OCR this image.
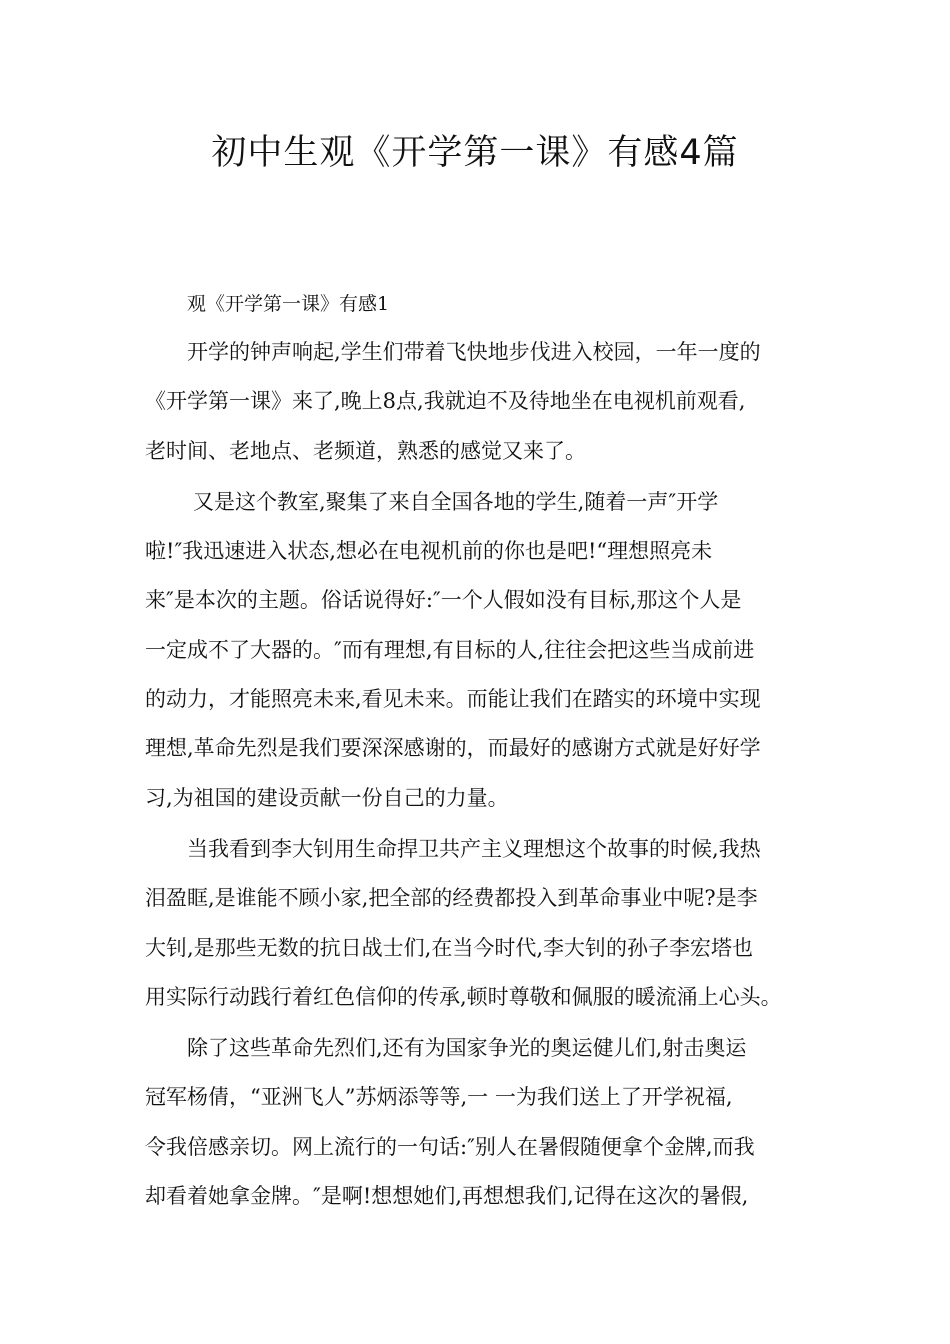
初中生观《开学第一课》有感4篇

观《开学第一课》有感1

开学的钟声响起,学生们带着飞快地步伐进入校园，一年一度的
《开学第一课》来了,晚上8点,我就迫不及待地坐在电视机前观看,
老时间、老地点、老频道，熟悉的感觉又来了。

又是这个教室,聚集了来自全国各地的学生,随着一声″开学
啦!″我迅速进入状态,想必在电视机前的你也是吧!“理想照亮未
来″是本次的主题。俗话说得好:″一个人假如没有目标,那这个人是
一定成不了大器的。″而有理想,有目标的人,往往会把这些当成前进
的动力，才能照亮未来,看见未来。而能让我们在踏实的环境中实现
理想,革命先烈是我们要深深感谢的，而最好的感谢方式就是好好学
习,为祖国的建设贡献一份自己的力量。

当我看到李大钊用生命捍卫共产主义理想这个故事的时候,我热
泪盈眶,是谁能不顾小家,把全部的经费都投入到革命事业中呢?是李
大钊,是那些无数的抗日战士们,在当今时代,李大钊的孙子李宏塔也
用实际行动践行着红色信仰的传承,顿时尊敬和佩服的暖流涌上心头。

除了这些革命先烈们,还有为国家争光的奥运健儿们,射击奥运
冠军杨倩，“亚洲飞人”苏炳添等等,一 一为我们送上了开学祝福,
令我倍感亲切。网上流行的一句话:″别人在暑假随便拿个金牌,而我
却看着她拿金牌。″是啊!想想她们,再想想我们,记得在这次的暑假,
